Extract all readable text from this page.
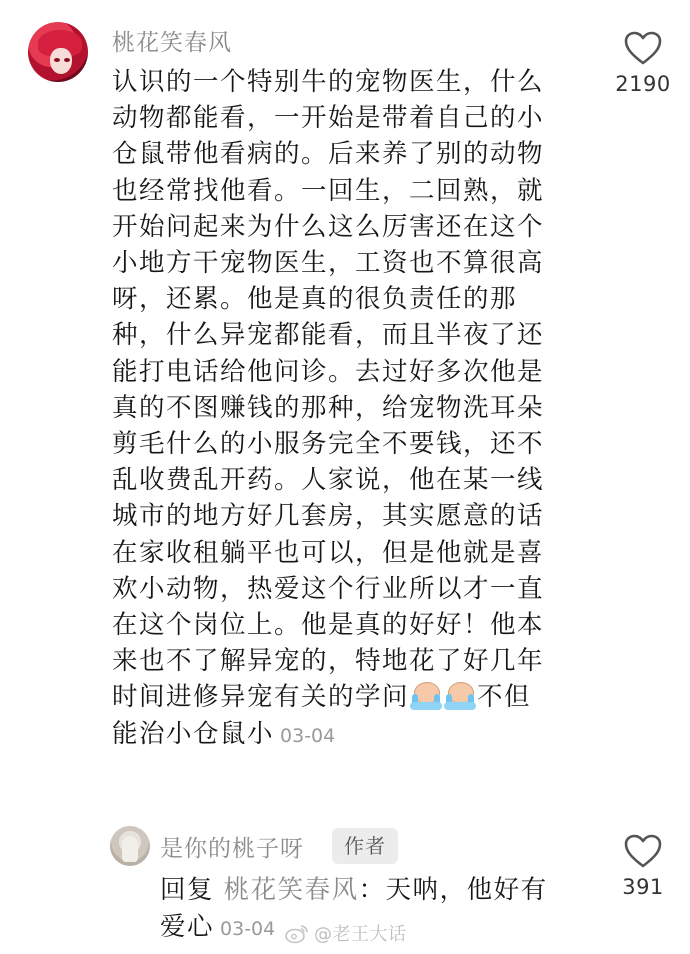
桃花笑春风
认识的一个特别牛的宠物医生，什么
动物都能看，一开始是带着自己的小
仓鼠带他看病的。后来养了别的动物
也经常找他看。一回生，二回熟，就
开始问起来为什么这么厉害还在这个
小地方干宠物医生，工资也不算很高
呀，还累。他是真的很负责任的那
种，什么异宠都能看，而且半夜了还
能打电话给他问诊。去过好多次他是
真的不图赚钱的那种，给宠物洗耳朵
剪毛什么的小服务完全不要钱，还不
乱收费乱开药。人家说，他在某一线
城市的地方好几套房，其实愿意的话
在家收租躺平也可以，但是他就是喜
欢小动物，热爱这个行业所以才一直
在这个岗位上。他是真的好好！他本
来也不了解异宠的，特地花了好几年
时间进修异宠有关的学问	不但
能治小仓鼠小 03-04
2190
是你的桃子呀	作者
回复 桃花笑春风：天呐，他好有
爱心 03-04
391
@老王大话
